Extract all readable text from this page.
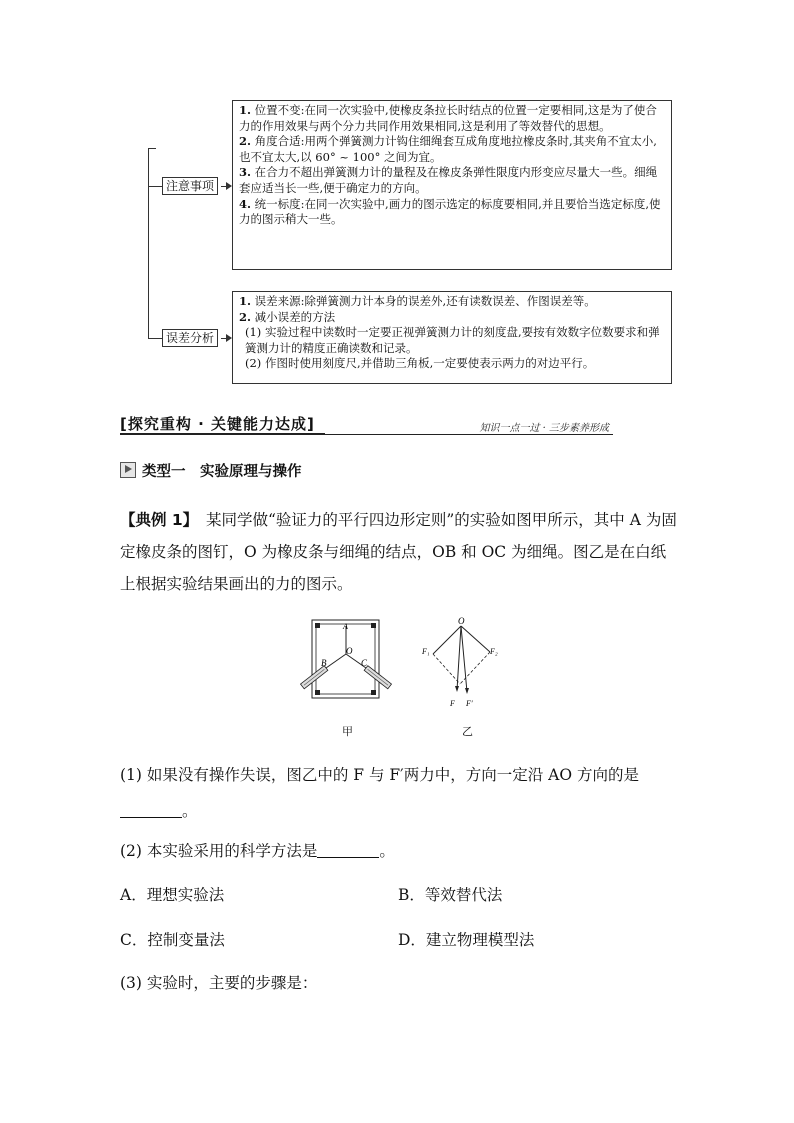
注意事项

1. 位置不变:在同一次实验中,使橡皮条拉长时结点的位置一定要相同,这是为了使合力的作用效果与两个分力共同作用效果相同,这是利用了等效替代的思想。

2. 角度合适:用两个弹簧测力计钩住细绳套互成角度地拉橡皮条时,其夹角不宜太小,也不宜太大,以 60° ~ 100° 之间为宜。

3. 在合力不超出弹簧测力计的量程及在橡皮条弹性限度内形变应尽量大一些。细绳套应适当长一些,便于确定力的方向。

4. 统一标度:在同一次实验中,画力的图示选定的标度要相同,并且要恰当选定标度,使力的图示稍大一些。

误差分析

1. 误差来源:除弹簧测力计本身的误差外,还有读数误差、作图误差等。

2. 减小误差的方法

(1) 实验过程中读数时一定要正视弹簧测力计的刻度盘,要按有效数字位数要求和弹簧测力计的精度正确读数和记录。

(2) 作图时使用刻度尺,并借助三角板,一定要使表示两力的对边平行。

[探究重构 · 关键能力达成]	知识一点一过 · 三步素养形成
类型一　实验原理与操作
【典例 1】　某同学做“验证力的平行四边形定则”的实验如图甲所示，其中 A 为固定橡皮条的图钉，O 为橡皮条与细绳的结点，OB 和 OC 为细绳。图乙是在白纸上根据实验结果画出的力的图示。
A
O
B	C
O
F₁	F₂
F F′
甲	乙
(1) 如果没有操作失误，图乙中的 F 与 F′两力中，方向一定沿 AO 方向的是
。
(2) 本实验采用的科学方法是	。
A．理想实验法	B．等效替代法
C．控制变量法	D．建立物理模型法
(3) 实验时，主要的步骤是：
